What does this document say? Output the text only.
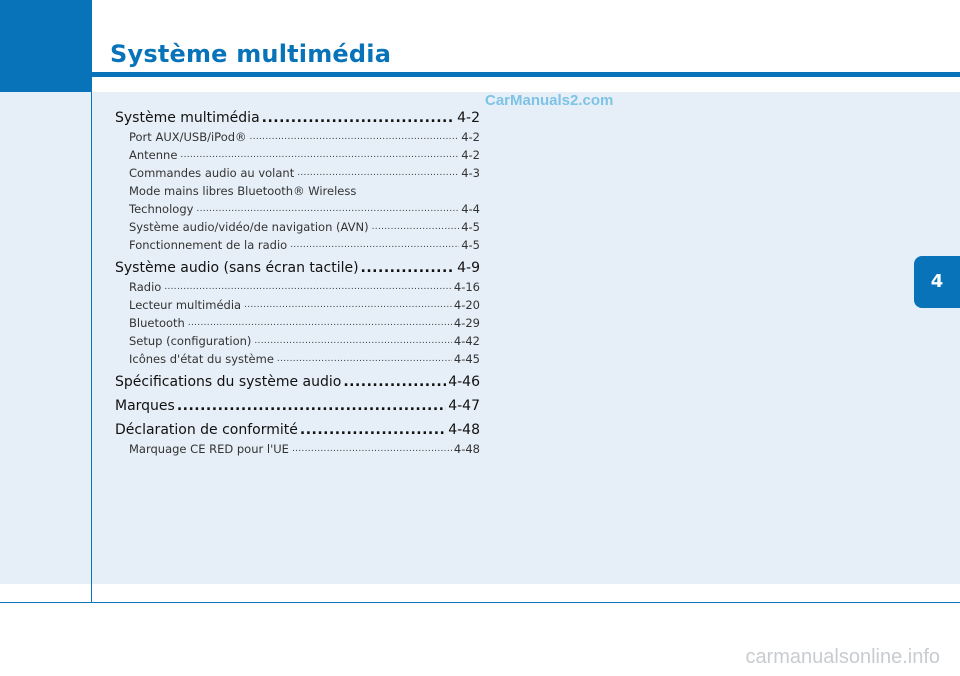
Système multimédia
4
CarManuals2.com
carmanualsonline.info
Système multimédia .....	4-2
Port AUX/USB/iPod® .....	4-2
Antenne .....	4-2
Commandes audio au volant .....	4-3
Mode mains libres Bluetooth® Wireless
Technology .....	4-4
Système audio/vidéo/de navigation (AVN) .....	4-5
Fonctionnement de la radio .....	4-5
Système audio (sans écran tactile) .....	4-9
Radio .....	4-16
Lecteur multimédia .....	4-20
Bluetooth .....	4-29
Setup (configuration) .....	4-42
Icônes d'état du système .....	4-45
Spécifications du système audio .....	4-46
Marques .....	4-47
Déclaration de conformité .....	4-48
Marquage CE RED pour l'UE .....	4-48
